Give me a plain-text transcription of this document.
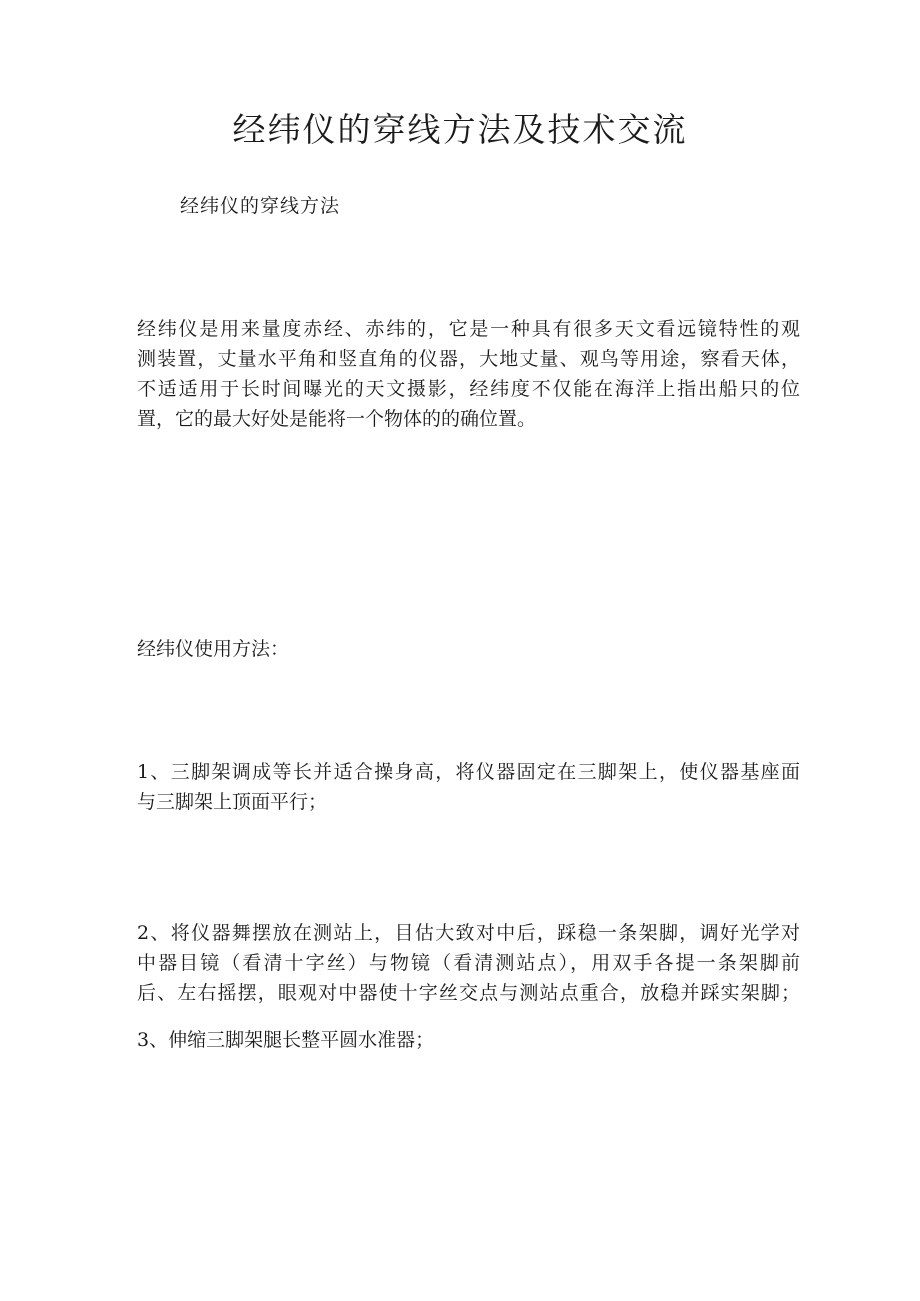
经纬仪的穿线方法及技术交流

经纬仪的穿线方法

经纬仪是用来量度赤经、赤纬的，它是一种具有很多天文看远镜特性的观
测装置，丈量水平角和竖直角的仪器，大地丈量、观鸟等用途，察看天体，
不适适用于长时间曝光的天文摄影，经纬度不仅能在海洋上指出船只的位
置，它的最大好处是能将一个物体的的确位置。

经纬仪使用方法：

1、三脚架调成等长并适合操身高，将仪器固定在三脚架上，使仪器基座面
与三脚架上顶面平行；

2、将仪器舞摆放在测站上，目估大致对中后，踩稳一条架脚，调好光学对
中器目镜（看清十字丝）与物镜（看清测站点），用双手各提一条架脚前
后、左右摇摆，眼观对中器使十字丝交点与测站点重合，放稳并踩实架脚；

3、伸缩三脚架腿长整平圆水准器；
